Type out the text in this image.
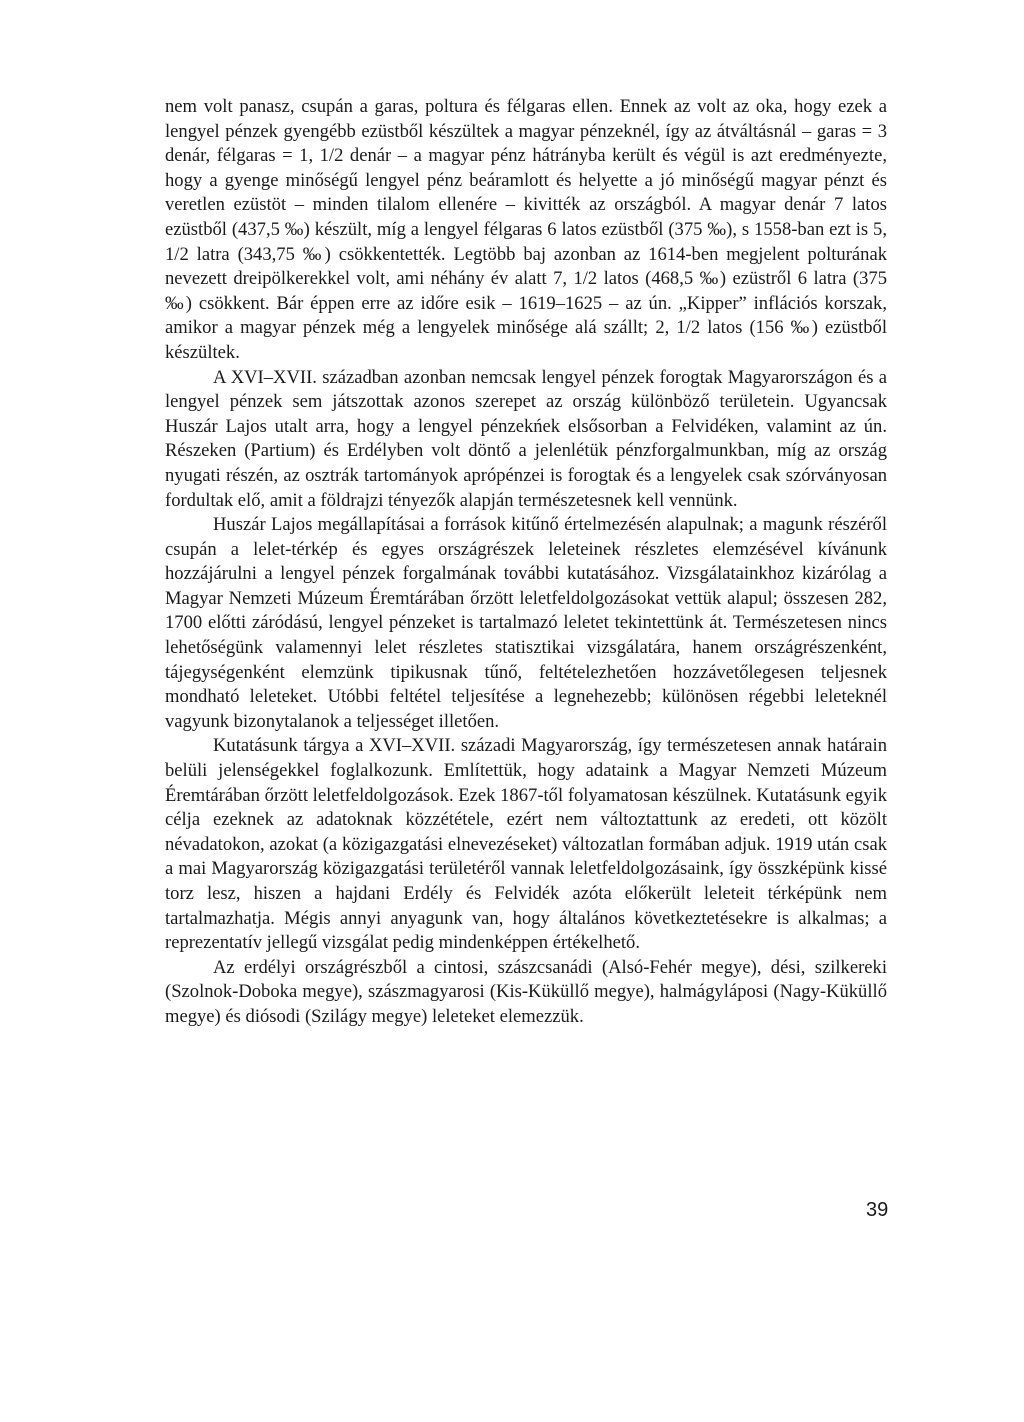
nem volt panasz, csupán a garas, poltura és félgaras ellen. Ennek az volt az oka, hogy ezek a lengyel pénzek gyengébb ezüstből készültek a magyar pénzeknél, így az átváltásnál – garas = 3 denár, félgaras = 1, 1/2 denár – a magyar pénz hátrányba került és végül is azt eredményezte, hogy a gyenge minőségű lengyel pénz beáramlott és helyette a jó minőségű magyar pénzt és veretlen ezüstöt – minden tilalom ellenére – kivitték az országból. A magyar denár 7 latos ezüstből (437,5 ‰) készült, míg a lengyel félgaras 6 latos ezüstből (375 ‰), s 1558-ban ezt is 5, 1/2 latra (343,75 ‰) csökkentették. Legtöbb baj azonban az 1614-ben megjelent polturának nevezett dreipölkerekkel volt, ami néhány év alatt 7, 1/2 latos (468,5 ‰) ezüstről 6 latra (375 ‰) csökkent. Bár éppen erre az időre esik – 1619–1625 – az ún. „Kipper” inflációs korszak, amikor a magyar pénzek még a lengyelek minősége alá szállt; 2, 1/2 latos (156 ‰) ezüstből készültek.

A XVI–XVII. században azonban nemcsak lengyel pénzek forogtak Magyarországon és a lengyel pénzek sem játszottak azonos szerepet az ország különböző területein. Ugyancsak Huszár Lajos utalt arra, hogy a lengyel pénzekńek elsősorban a Felvidéken, valamint az ún. Részeken (Partium) és Erdélyben volt döntő a jelenlétük pénzforgalmunkban, míg az ország nyugati részén, az osztrák tartományok aprópénzei is forogtak és a lengyelek csak szórványosan fordultak elő, amit a földrajzi tényezők alapján természetesnek kell vennünk.

Huszár Lajos megállapításai a források kitűnő értelmezésén alapulnak; a magunk részéről csupán a lelet-térkép és egyes országrészek leleteinek részletes elemzésével kívánunk hozzájárulni a lengyel pénzek forgalmának további kutatásához. Vizsgálatainkhoz kizárólag a Magyar Nemzeti Múzeum Éremtárában őrzött leletfeldolgozásokat vettük alapul; összesen 282, 1700 előtti záródású, lengyel pénzeket is tartalmazó leletet tekintettünk át. Természetesen nincs lehetőségünk valamennyi lelet részletes statisztikai vizsgálatára, hanem országrészenként, tájegységenként elemzünk tipikusnak tűnő, feltételezhetően hozzávetőlegesen teljesnek mondható leleteket. Utóbbi feltétel teljesítése a legnehezebb; különösen régebbi leleteknél vagyunk bizonytalanok a teljességet illetően.

Kutatásunk tárgya a XVI–XVII. századi Magyarország, így természetesen annak határain belüli jelenségekkel foglalkozunk. Említettük, hogy adataink a Magyar Nemzeti Múzeum Éremtárában őrzött leletfeldolgozások. Ezek 1867-től folyamatosan készülnek. Kutatásunk egyik célja ezeknek az adatoknak közzététele, ezért nem változtattunk az eredeti, ott közölt névadatokon, azokat (a közigazgatási elnevezéseket) változatlan formában adjuk. 1919 után csak a mai Magyarország közigazgatási területéről vannak leletfeldolgozásaink, így összképünk kissé torz lesz, hiszen a hajdani Erdély és Felvidék azóta előkerült leleteit térképünk nem tartalmazhatja. Mégis annyi anyagunk van, hogy általános következtetésekre is alkalmas; a reprezentatív jellegű vizsgálat pedig mindenképpen értékelhető.

Az erdélyi országrészből a cintosi, szászcsanádi (Alsó-Fehér megye), dési, szilkereki (Szolnok-Doboka megye), szászmagyarosi (Kis-Küküllő megye), halmágyláposi (Nagy-Küküllő megye) és diósodi (Szilágy megye) leleteket elemezzük.

39
